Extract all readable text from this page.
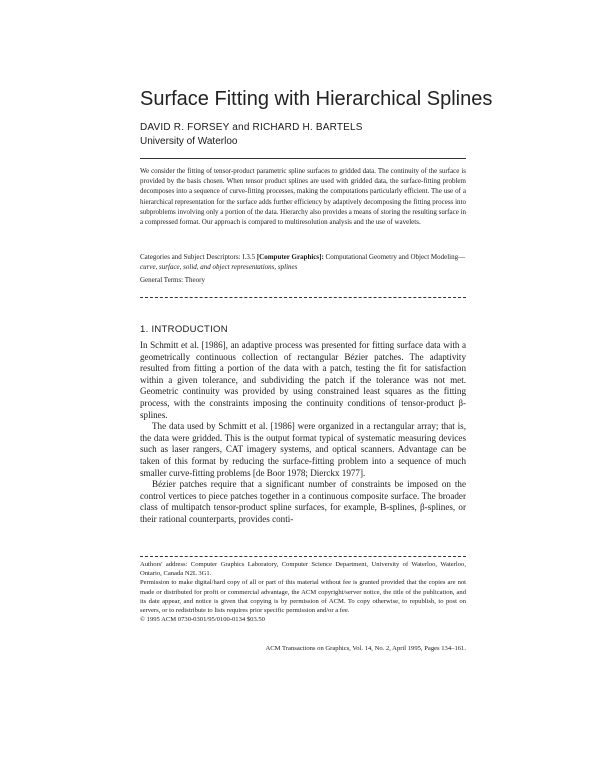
Surface Fitting with Hierarchical Splines
DAVID R. FORSEY and RICHARD H. BARTELS
University of Waterloo
We consider the fitting of tensor-product parametric spline surfaces to gridded data. The continuity of the surface is provided by the basis chosen. When tensor product splines are used with gridded data, the surface-fitting problem decomposes into a sequence of curve-fitting processes, making the computations particularly efficient. The use of a hierarchical representation for the surface adds further efficiency by adaptively decomposing the fitting process into subproblems involving only a portion of the data. Hierarchy also provides a means of storing the resulting surface in a compressed format. Our approach is compared to multiresolution analysis and the use of wavelets.
Categories and Subject Descriptors: I.3.5 [Computer Graphics]: Computational Geometry and Object Modeling—curve, surface, solid, and object representations, splines
General Terms: Theory
1. INTRODUCTION

In Schmitt et al. [1986], an adaptive process was presented for fitting surface data with a geometrically continuous collection of rectangular Bézier patches. The adaptivity resulted from fitting a portion of the data with a patch, testing the fit for satisfaction within a given tolerance, and subdividing the patch if the tolerance was not met. Geometric continuity was provided by using constrained least squares as the fitting process, with the constraints imposing the continuity conditions of tensor-product β-splines.

The data used by Schmitt et al. [1986] were organized in a rectangular array; that is, the data were gridded. This is the output format typical of systematic measuring devices such as laser rangers, CAT imagery systems, and optical scanners. Advantage can be taken of this format by reducing the surface-fitting problem into a sequence of much smaller curve-fitting problems [de Boor 1978; Dierckx 1977].

Bézier patches require that a significant number of constraints be imposed on the control vertices to piece patches together in a continuous composite surface. The broader class of multipatch tensor-product spline surfaces, for example, B-splines, β-splines, or their rational counterparts, provides conti-

Authors' address: Computer Graphics Laboratory, Computer Science Department, University of Waterloo, Waterloo, Ontario, Canada N2L 3G1.

Permission to make digital/hard copy of all or part of this material without fee is granted provided that the copies are not made or distributed for profit or commercial advantage, the ACM copyright/server notice, the title of the publication, and its date appear, and notice is given that copying is by permission of ACM. To copy otherwise, to republish, to post on servers, or to redistribute to lists requires prior specific permission and/or a fee.

© 1995 ACM 0730-0301/95/0100-0134 $03.50

ACM Transactions on Graphics, Vol. 14, No. 2, April 1995, Pages 134–161.
